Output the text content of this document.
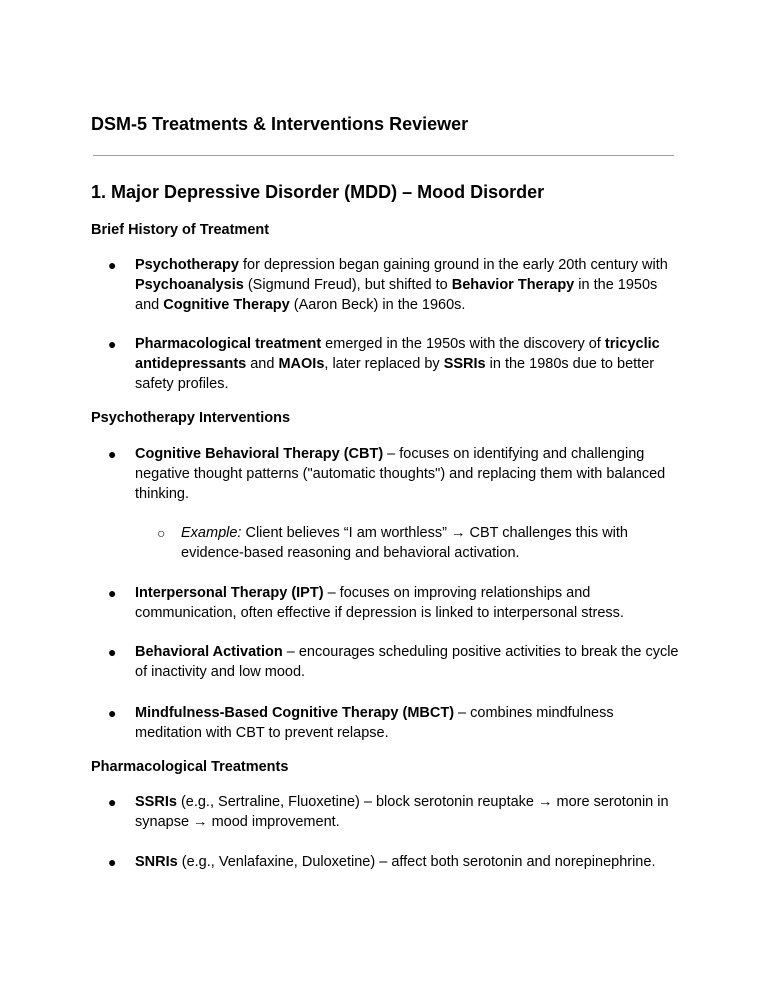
DSM-5 Treatments & Interventions Reviewer
1. Major Depressive Disorder (MDD) – Mood Disorder
Brief History of Treatment
●	Psychotherapy for depression began gaining ground in the early 20th century with Psychoanalysis (Sigmund Freud), but shifted to Behavior Therapy in the 1950s and Cognitive Therapy (Aaron Beck) in the 1960s.
●	Pharmacological treatment emerged in the 1950s with the discovery of tricyclic antidepressants and MAOIs, later replaced by SSRIs in the 1980s due to better safety profiles.
Psychotherapy Interventions
●	Cognitive Behavioral Therapy (CBT) – focuses on identifying and challenging negative thought patterns ("automatic thoughts") and replacing them with balanced thinking.
○	Example: Client believes “I am worthless” → CBT challenges this with evidence-based reasoning and behavioral activation.
●	Interpersonal Therapy (IPT) – focuses on improving relationships and communication, often effective if depression is linked to interpersonal stress.
●	Behavioral Activation – encourages scheduling positive activities to break the cycle of inactivity and low mood.
●	Mindfulness-Based Cognitive Therapy (MBCT) – combines mindfulness meditation with CBT to prevent relapse.
Pharmacological Treatments
●	SSRIs (e.g., Sertraline, Fluoxetine) – block serotonin reuptake → more serotonin in synapse → mood improvement.
●	SNRIs (e.g., Venlafaxine, Duloxetine) – affect both serotonin and norepinephrine.
